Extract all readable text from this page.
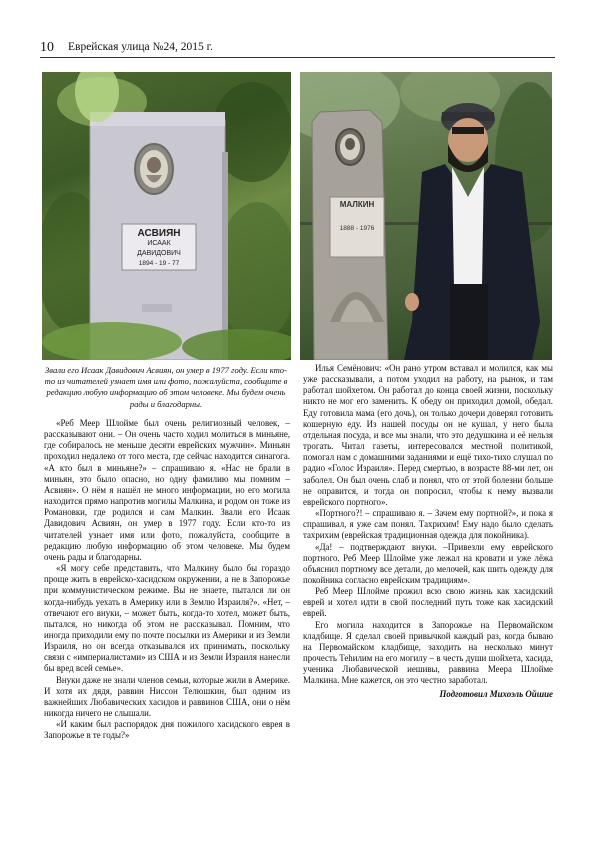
10 Еврейская улица №24, 2015 г.
АСВИЯН
ИСААК
ДАВИДОВИЧ
1894 - 19 - 77
МАЛКИН
1888 - 1976
Звали его Исаак Давидович Асвиян, он умер в 1977 году. Если кто-то из читателей узнает имя или фото, пожалуйста, сообщите в редакцию любую информацию об этом человеке. Мы будем очень рады и благодарны.

«Реб Меер Шлойме был очень религиозный человек, – рассказывают они. – Он очень часто ходил молиться в миньяне, где собиралось не меньше десяти еврейских мужчин». Миньян проходил недалеко от того места, где сейчас находится синагога. «А кто был в миньяне?» – спрашиваю я. «Нас не брали в миньян, это было опасно, но одну фамилию мы помним – Асвиян». О нём я нашёл не много информации, но его могила находится прямо напротив могилы Малкина, и родом он тоже из Романовки, где родился и сам Малкин. Звали его Исаак Давидович Асвиян, он умер в 1977 году. Если кто-то из читателей узнает имя или фото, пожалуйста, сообщите в редакцию любую информацию об этом человеке. Мы будем очень рады и благодарны.

«Я могу себе представить, что Малкину было бы гораздо проще жить в еврейско-хасидском окружении, а не в Запорожье при коммунистическом режиме. Вы не знаете, пытался ли он когда-нибудь уехать в Америку или в Землю Израиля?». «Нет, – отвечают его внуки, – может быть, когда-то хотел, может быть, пытался, но никогда об этом не рассказывал. Помним, что иногда приходили ему по почте посылки из Америки и из Земли Израиля, но он всегда отказывался их принимать, поскольку связи с «империалистами» из США и из Земли Израиля нанесли бы вред всей семье».

Внуки даже не знали членов семьи, которые жили в Америке. И хотя их дядя, раввин Ниссон Телюшкин, был одним из важнейших Любавических хасидов и раввинов США, они о нём никогда ничего не слышали.

«И каким был распорядок дня пожилого хасидского еврея в Запорожье в те годы?»

Илья Семёнович: «Он рано утром вставал и молился, как мы уже рассказывали, а потом уходил на работу, на рынок, и там работал шойхетом. Он работал до конца своей жизни, поскольку никто не мог его заменить. К обеду он приходил домой, обедал. Еду готовила мама (его дочь), он только дочери доверял готовить кошерную еду. Из нашей посуды он не кушал, у него была отдельная посуда, и все мы знали, что это дедушкина и её нельзя трогать. Читал газеты, интересовался местной политикой, помогал нам с домашними заданиями и ещё тихо-тихо слушал по радио «Голос Израиля». Перед смертью, в возрасте 88-ми лет, он заболел. Он был очень слаб и понял, что от этой болезни больше не оправится, и тогда он попросил, чтобы к нему вызвали еврейского портного».

«Портного?! – спрашиваю я. – Зачем ему портной?», и пока я спрашивал, я уже сам понял. Тахрихим! Ему надо было сделать тахрихим (еврейская традиционная одежда для покойника).

«Да! – подтверждают внуки. –Привезли ему еврейского портного. Реб Меер Шлойме уже лежал на кровати и уже лёжа объяснил портному все детали, до мелочей, как шить одежду для покойника согласно еврейским традициям».

Реб Меер Шлойме прожил всю свою жизнь как хасидский еврей и хотел идти в свой последний путь тоже как хасидский еврей.

Его могила находится в Запорожье на Первомайском кладбище. Я сделал своей привычкой каждый раз, когда бываю на Первомайском кладбище, заходить на несколько минут прочесть Теhилим на его могилу – в честь души шойхета, хасида, ученика Любавической иешивы, раввина Меера Шлойме Малкина. Мне кажется, он это честно заработал.

Подготовил Михоэль Ойшие
